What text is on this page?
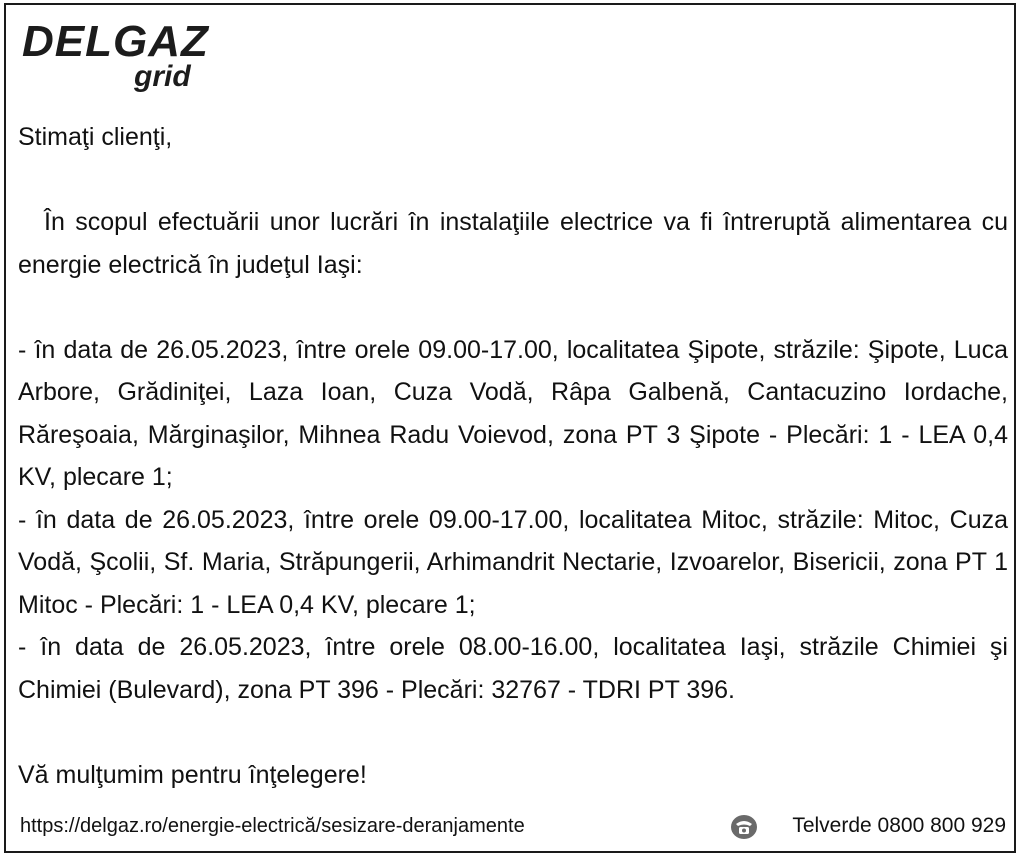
DELGAZ
grid

Stimaţi clienţi,

În scopul efectuării unor lucrări în instalaţiile electrice va fi întreruptă alimentarea cu energie electrică în judeţul Iaşi:

- în data de 26.05.2023, între orele 09.00-17.00, localitatea Şipote, străzile: Şipote, Luca Arbore, Grădiniţei, Laza Ioan, Cuza Vodă, Râpa Galbenă, Cantacuzino Iordache, Rărеşoaia, Mărginaşilor, Mihnea Radu Voievod, zona PT 3 Şipote - Plecări: 1 - LEA 0,4 KV, plecare 1;

- în data de 26.05.2023, între orele 09.00-17.00, localitatea Mitoc, străzile: Mitoc, Cuza Vodă, Şcolii, Sf. Maria, Străpungerii, Arhimandrit Nectarie, Izvoarelor, Bisericii, zona PT 1 Mitoc - Plecări: 1 - LEA 0,4 KV, plecare 1;

- în data de 26.05.2023, între orele 08.00-16.00, localitatea Iaşi, străzile Chimiei şi Chimiei (Bulevard), zona PT 396 - Plecări: 32767 - TDRI PT 396.

Vă mulţumim pentru înţelegere!

https://delgaz.ro/energie-electrică/sesizare-deranjamente	Telverde 0800 800 929
